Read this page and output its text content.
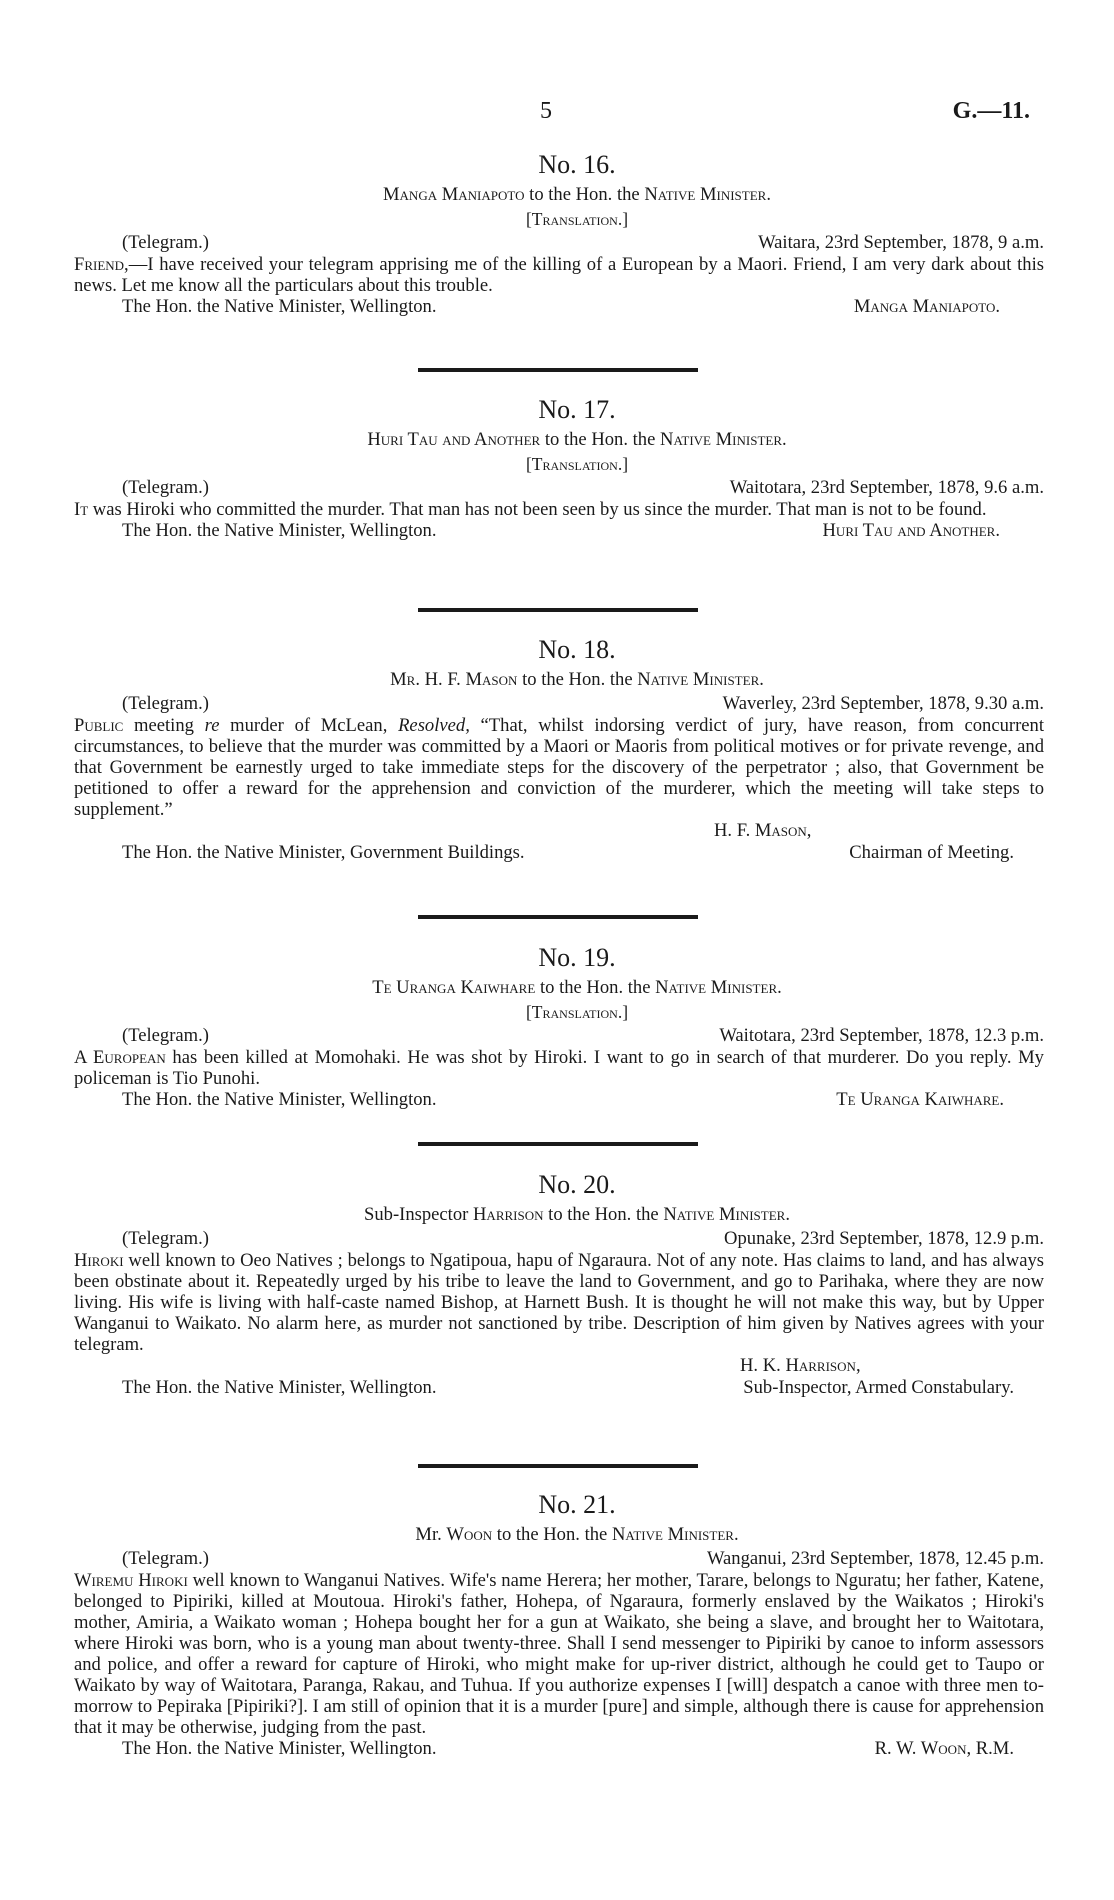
5	G.—11.
No. 16.
Manga Maniapoto to the Hon. the Native Minister.
[Translation.]
(Telegram.)	Waitara, 23rd September, 1878, 9 a.m.
Friend,—I have received your telegram apprising me of the killing of a European by a Maori. Friend, I am very dark about this news. Let me know all the particulars about this trouble.
The Hon. the Native Minister, Wellington.	Manga Maniapoto.
No. 17.
Huri Tau and Another to the Hon. the Native Minister.
[Translation.]
(Telegram.)	Waitotara, 23rd September, 1878, 9.6 a.m.
It was Hiroki who committed the murder. That man has not been seen by us since the murder. That man is not to be found.
The Hon. the Native Minister, Wellington.	Huri Tau and Another.
No. 18.
Mr. H. F. Mason to the Hon. the Native Minister.
(Telegram.)	Waverley, 23rd September, 1878, 9.30 a.m.
Public meeting re murder of McLean, Resolved, “That, whilst indorsing verdict of jury, have reason, from concurrent circumstances, to believe that the murder was committed by a Maori or Maoris from political motives or for private revenge, and that Government be earnestly urged to take immediate steps for the discovery of the perpetrator ; also, that Government be petitioned to offer a reward for the apprehension and conviction of the murderer, which the meeting will take steps to supplement.”
H. F. Mason,
The Hon. the Native Minister, Government Buildings.	Chairman of Meeting.
No. 19.
Te Uranga Kaiwhare to the Hon. the Native Minister.
[Translation.]
(Telegram.)	Waitotara, 23rd September, 1878, 12.3 p.m.
A European has been killed at Momohaki. He was shot by Hiroki. I want to go in search of that murderer. Do you reply. My policeman is Tio Punohi.
The Hon. the Native Minister, Wellington.	Te Uranga Kaiwhare.
No. 20.
Sub-Inspector Harrison to the Hon. the Native Minister.
(Telegram.)	Opunake, 23rd September, 1878, 12.9 p.m.
Hiroki well known to Oeo Natives ; belongs to Ngatipoua, hapu of Ngaraura. Not of any note. Has claims to land, and has always been obstinate about it. Repeatedly urged by his tribe to leave the land to Government, and go to Parihaka, where they are now living. His wife is living with half-caste named Bishop, at Harnett Bush. It is thought he will not make this way, but by Upper Wanganui to Waikato. No alarm here, as murder not sanctioned by tribe. Description of him given by Natives agrees with your telegram.
H. K. Harrison,
The Hon. the Native Minister, Wellington.	Sub-Inspector, Armed Constabulary.
No. 21.
Mr. Woon to the Hon. the Native Minister.
(Telegram.)	Wanganui, 23rd September, 1878, 12.45 p.m.
Wiremu Hiroki well known to Wanganui Natives. Wife's name Herera; her mother, Tarare, belongs to Nguratu; her father, Katene, belonged to Pipiriki, killed at Moutoua. Hiroki's father, Hohepa, of Ngaraura, formerly enslaved by the Waikatos ; Hiroki's mother, Amiria, a Waikato woman ; Hohepa bought her for a gun at Waikato, she being a slave, and brought her to Waitotara, where Hiroki was born, who is a young man about twenty-three. Shall I send messenger to Pipiriki by canoe to inform assessors and police, and offer a reward for capture of Hiroki, who might make for up-river district, although he could get to Taupo or Waikato by way of Waitotara, Paranga, Rakau, and Tuhua. If you authorize expenses I [will] despatch a canoe with three men to-morrow to Pepiraka [Pipiriki?]. I am still of opinion that it is a murder [pure] and simple, although there is cause for apprehension that it may be otherwise, judging from the past.
The Hon. the Native Minister, Wellington.	R. W. Woon, R.M.
